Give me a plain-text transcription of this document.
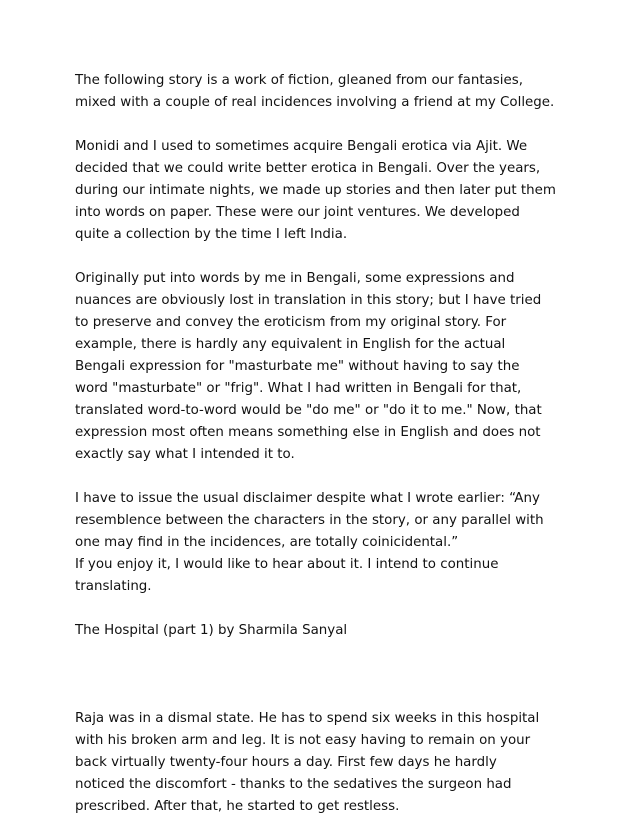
The following story is a work of fiction, gleaned from our fantasies,
mixed with a couple of real incidences involving a friend at my College.

Monidi and I used to sometimes acquire Bengali erotica via Ajit. We
decided that we could write better erotica in Bengali. Over the years,
during our intimate nights, we made up stories and then later put them
into words on paper. These were our joint ventures. We developed
quite a collection by the time I left India.

Originally put into words by me in Bengali, some expressions and
nuances are obviously lost in translation in this story; but I have tried
to preserve and convey the eroticism from my original story. For
example, there is hardly any equivalent in English for the actual
Bengali expression for "masturbate me" without having to say the
word "masturbate" or "frig". What I had written in Bengali for that,
translated word-to-word would be "do me" or "do it to me." Now, that
expression most often means something else in English and does not
exactly say what I intended it to.

I have to issue the usual disclaimer despite what I wrote earlier: “Any
resemblence between the characters in the story, or any parallel with
one may find in the incidences, are totally coinicidental.”

If you enjoy it, I would like to hear about it. I intend to continue
translating.

The Hospital (part 1) by Sharmila Sanyal

Raja was in a dismal state. He has to spend six weeks in this hospital
with his broken arm and leg. It is not easy having to remain on your
back virtually twenty-four hours a day. First few days he hardly
noticed the discomfort - thanks to the sedatives the surgeon had
prescribed. After that, he started to get restless.
